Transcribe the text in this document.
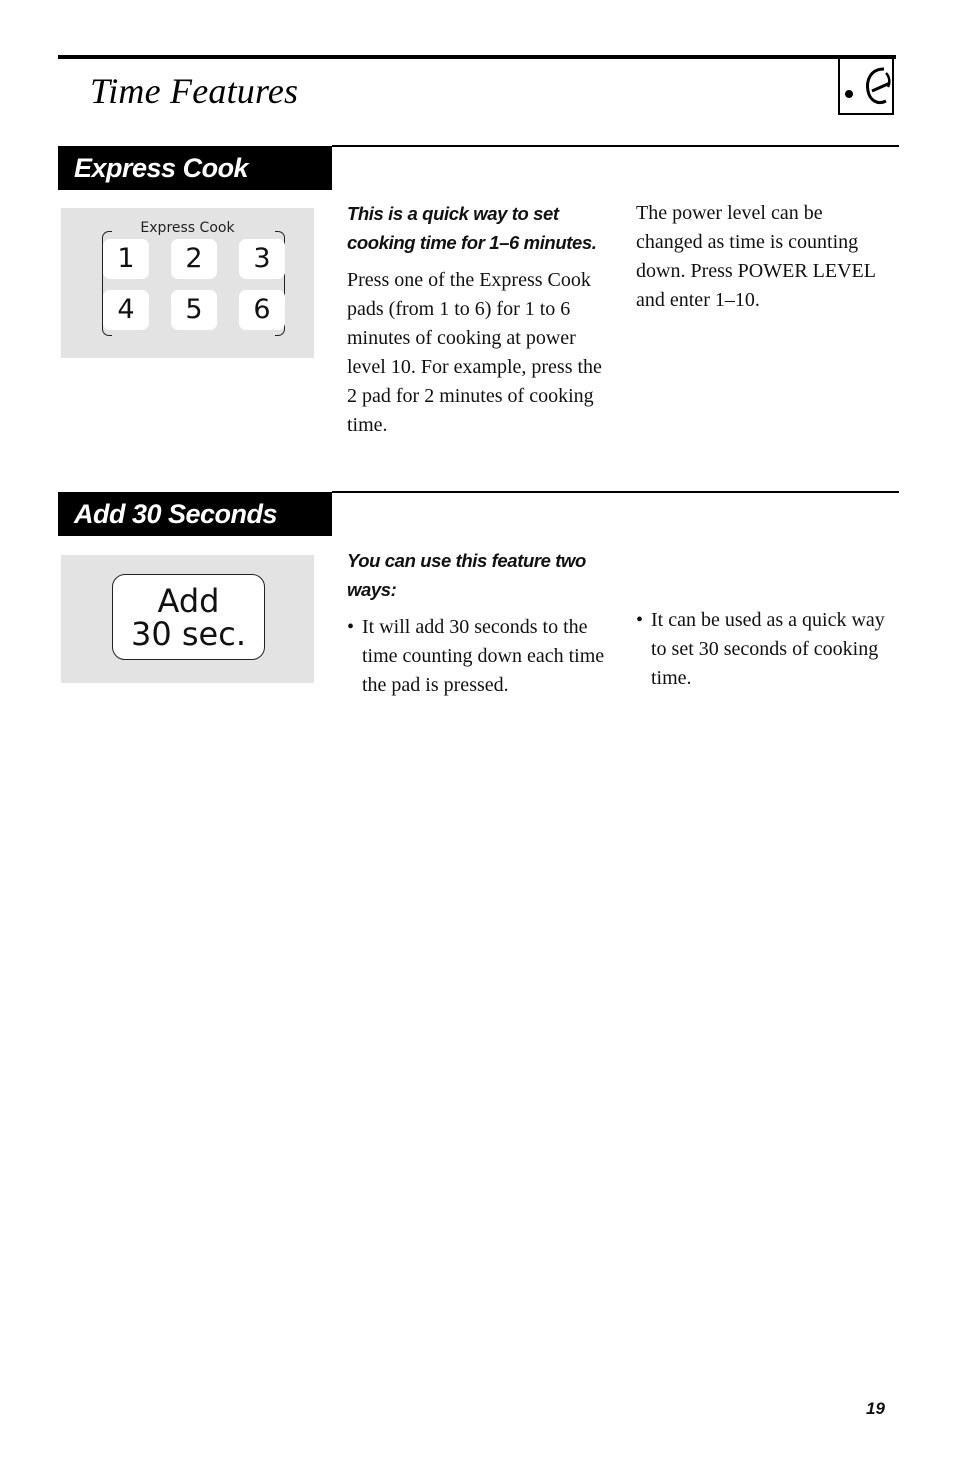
Time Features
Express Cook
Express Cook
1	2	3
4	5	6

This is a quick way to set cooking time for 1–6 minutes.

Press one of the Express Cook pads (from 1 to 6) for 1 to 6 minutes of cooking at power level 10. For example, press the 2 pad for 2 minutes of cooking time.

The power level can be changed as time is counting down. Press POWER LEVEL and enter 1–10.

Add 30 Seconds
Add
30 sec.

You can use this feature two ways:

• It will add 30 seconds to the time counting down each time the pad is pressed.

• It can be used as a quick way to set 30 seconds of cooking time.

19
